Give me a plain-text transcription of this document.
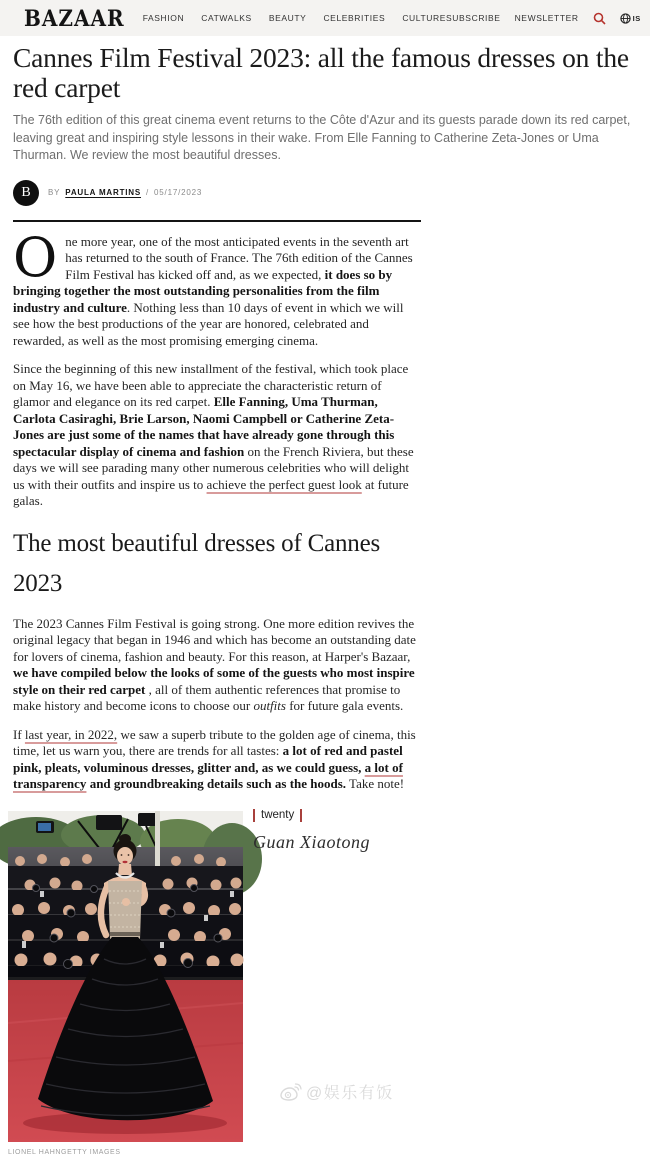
BAZAAR FASHION CATWALKS BEAUTY CELEBRITIES CULTURE SUBSCRIBE NEWSLETTER	IS
Cannes Film Festival 2023: all the famous dresses on the red carpet

The 76th edition of this great cinema event returns to the Côte d'Azur and its guests parade down its red carpet, leaving great and inspiring style lessons in their wake. From Elle Fanning to Catherine Zeta-Jones or Uma Thurman. We review the most beautiful dresses.

B	BY PAULA MARTINS / 05/17/2023

One more year, one of the most anticipated events in the seventh art has returned to the south of France. The 76th edition of the Cannes Film Festival has kicked off and, as we expected, it does so by bringing together the most outstanding personalities from the film industry and culture. Nothing less than 10 days of event in which we will see how the best productions of the year are honored, celebrated and rewarded, as well as the most promising emerging cinema.

Since the beginning of this new installment of the festival, which took place on May 16, we have been able to appreciate the characteristic return of glamor and elegance on its red carpet. Elle Fanning, Uma Thurman, Carlota Casiraghi, Brie Larson, Naomi Campbell or Catherine Zeta-Jones are just some of the names that have already gone through this spectacular display of cinema and fashion on the French Riviera, but these days we will see parading many other numerous celebrities who will delight us with their outfits and inspire us to achieve the perfect guest look at future galas.

The most beautiful dresses of Cannes 2023

The 2023 Cannes Film Festival is going strong. One more edition revives the original legacy that began in 1946 and which has become an outstanding date for lovers of cinema, fashion and beauty. For this reason, at Harper's Bazaar, we have compiled below the looks of some of the guests who most inspire style on their red carpet , all of them authentic references that promise to make history and become icons to choose our outfits for future gala events.

If last year, in 2022, we saw a superb tribute to the golden age of cinema, this time, let us warn you, there are trends for all tastes: a lot of red and pastel pink, pleats, voluminous dresses, glitter and, as we could guess, a lot of transparency and groundbreaking details such as the hoods. Take note!

twenty
Guan Xiaotong
LIONEL HAHNGETTY IMAGES
@娱乐有饭
